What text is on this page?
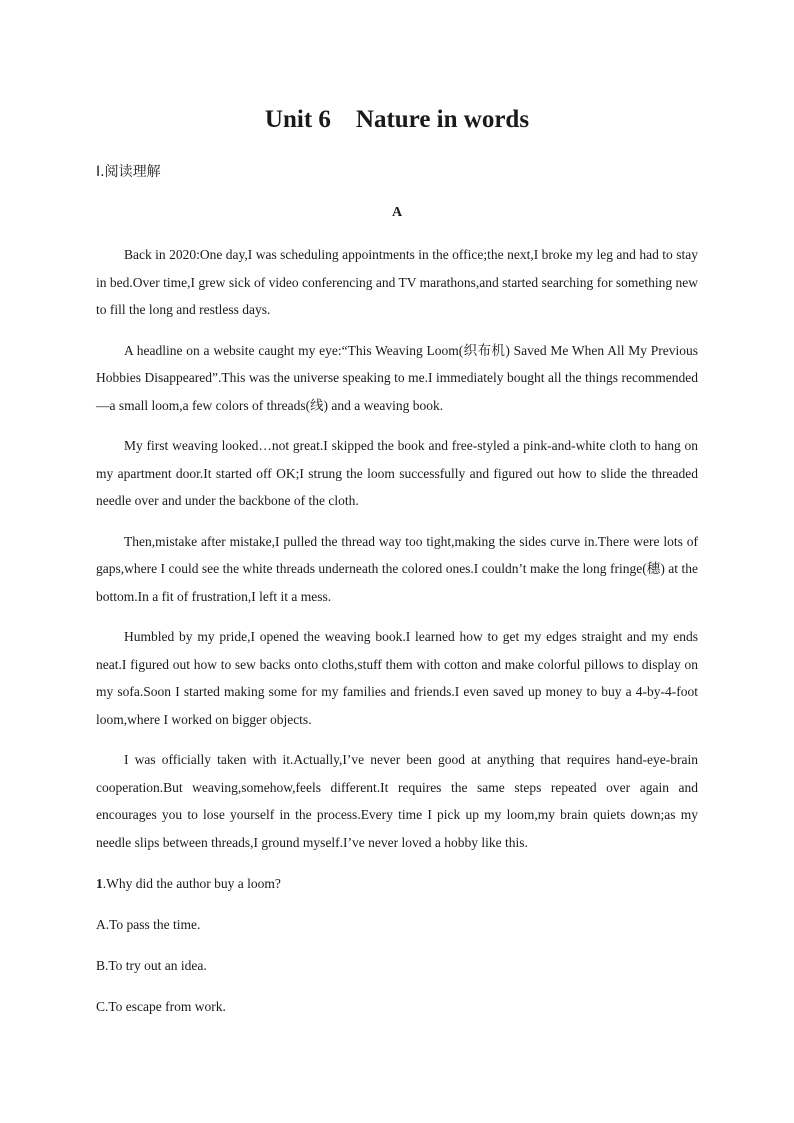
Unit 6    Nature in words
Ⅰ.阅读理解
A

Back in 2020:One day,I was scheduling appointments in the office;the next,I broke my leg and had to stay in bed.Over time,I grew sick of video conferencing and TV marathons,and started searching for something new to fill the long and restless days.

A headline on a website caught my eye:“This Weaving Loom(织布机) Saved Me When All My Previous Hobbies Disappeared”.This was the universe speaking to me.I immediately bought all the things recommended—a small loom,a few colors of threads(线) and a weaving book.

My first weaving looked…not great.I skipped the book and free-styled a pink-and-white cloth to hang on my apartment door.It started off OK;I strung the loom successfully and figured out how to slide the threaded needle over and under the backbone of the cloth.

Then,mistake after mistake,I pulled the thread way too tight,making the sides curve in.There were lots of gaps,where I could see the white threads underneath the colored ones.I couldn’t make the long fringe(穗) at the bottom.In a fit of frustration,I left it a mess.

Humbled by my pride,I opened the weaving book.I learned how to get my edges straight and my ends neat.I figured out how to sew backs onto cloths,stuff them with cotton and make colorful pillows to display on my sofa.Soon I started making some for my families and friends.I even saved up money to buy a 4-by-4-foot loom,where I worked on bigger objects.

I was officially taken with it.Actually,I’ve never been good at anything that requires hand-eye-brain cooperation.But weaving,somehow,feels different.It requires the same steps repeated over again and encourages you to lose yourself in the process.Every time I pick up my loom,my brain quiets down;as my needle slips between threads,I ground myself.I’ve never loved a hobby like this.

1.Why did the author buy a loom?
A.To pass the time.
B.To try out an idea.
C.To escape from work.
